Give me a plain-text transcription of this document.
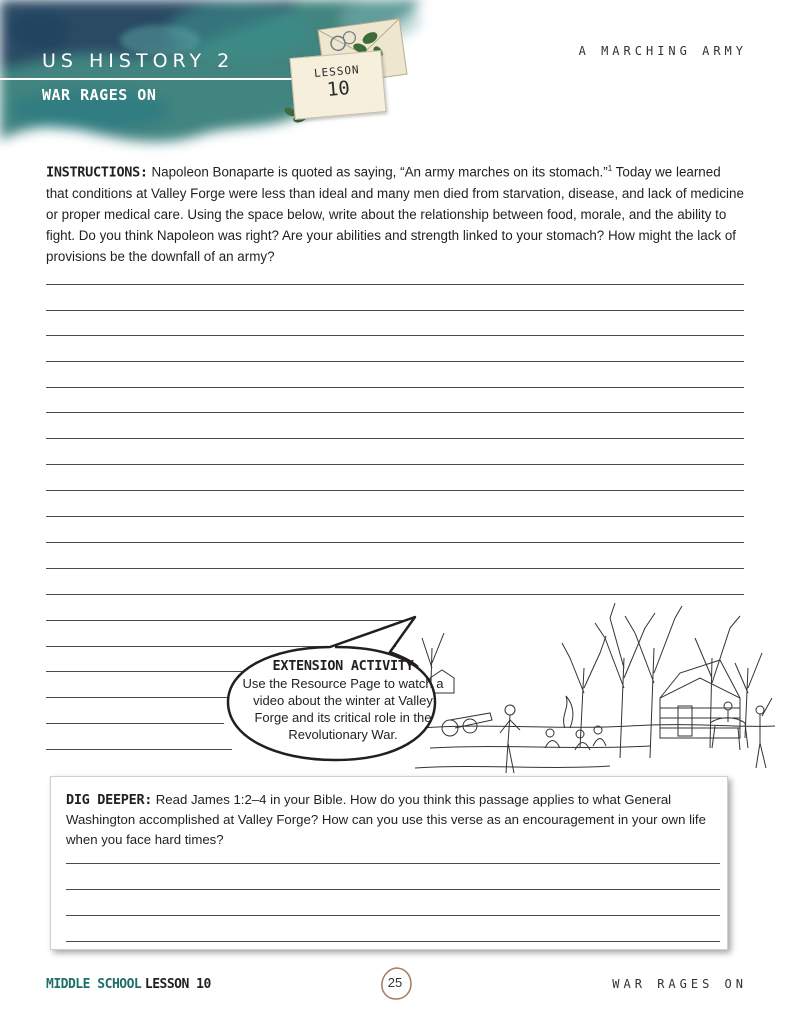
US HISTORY 2
WAR RAGES ON
LESSON
10
A MARCHING ARMY
INSTRUCTIONS: Napoleon Bonaparte is quoted as saying, “An army marches on its stomach.”$^1$ Today we learned that conditions at Valley Forge were less than ideal and many men died from starvation, disease, and lack of medicine or proper medical care. Using the space below, write about the relationship between food, morale, and the ability to fight. Do you think Napoleon was right? Are your abilities and strength linked to your stomach? How might the lack of provisions be the downfall of an army?
EXTENSION ACTIVITY
Use the Resource Page to watch a video about the winter at Valley Forge and its critical role in the Revolutionary War.
DIG DEEPER: Read James 1:2–4 in your Bible. How do you think this passage applies to what General Washington accomplished at Valley Forge? How can you use this verse as an encouragement in your own life when you face hard times?
MIDDLE SCHOOL LESSON 10	25	WAR RAGES ON
